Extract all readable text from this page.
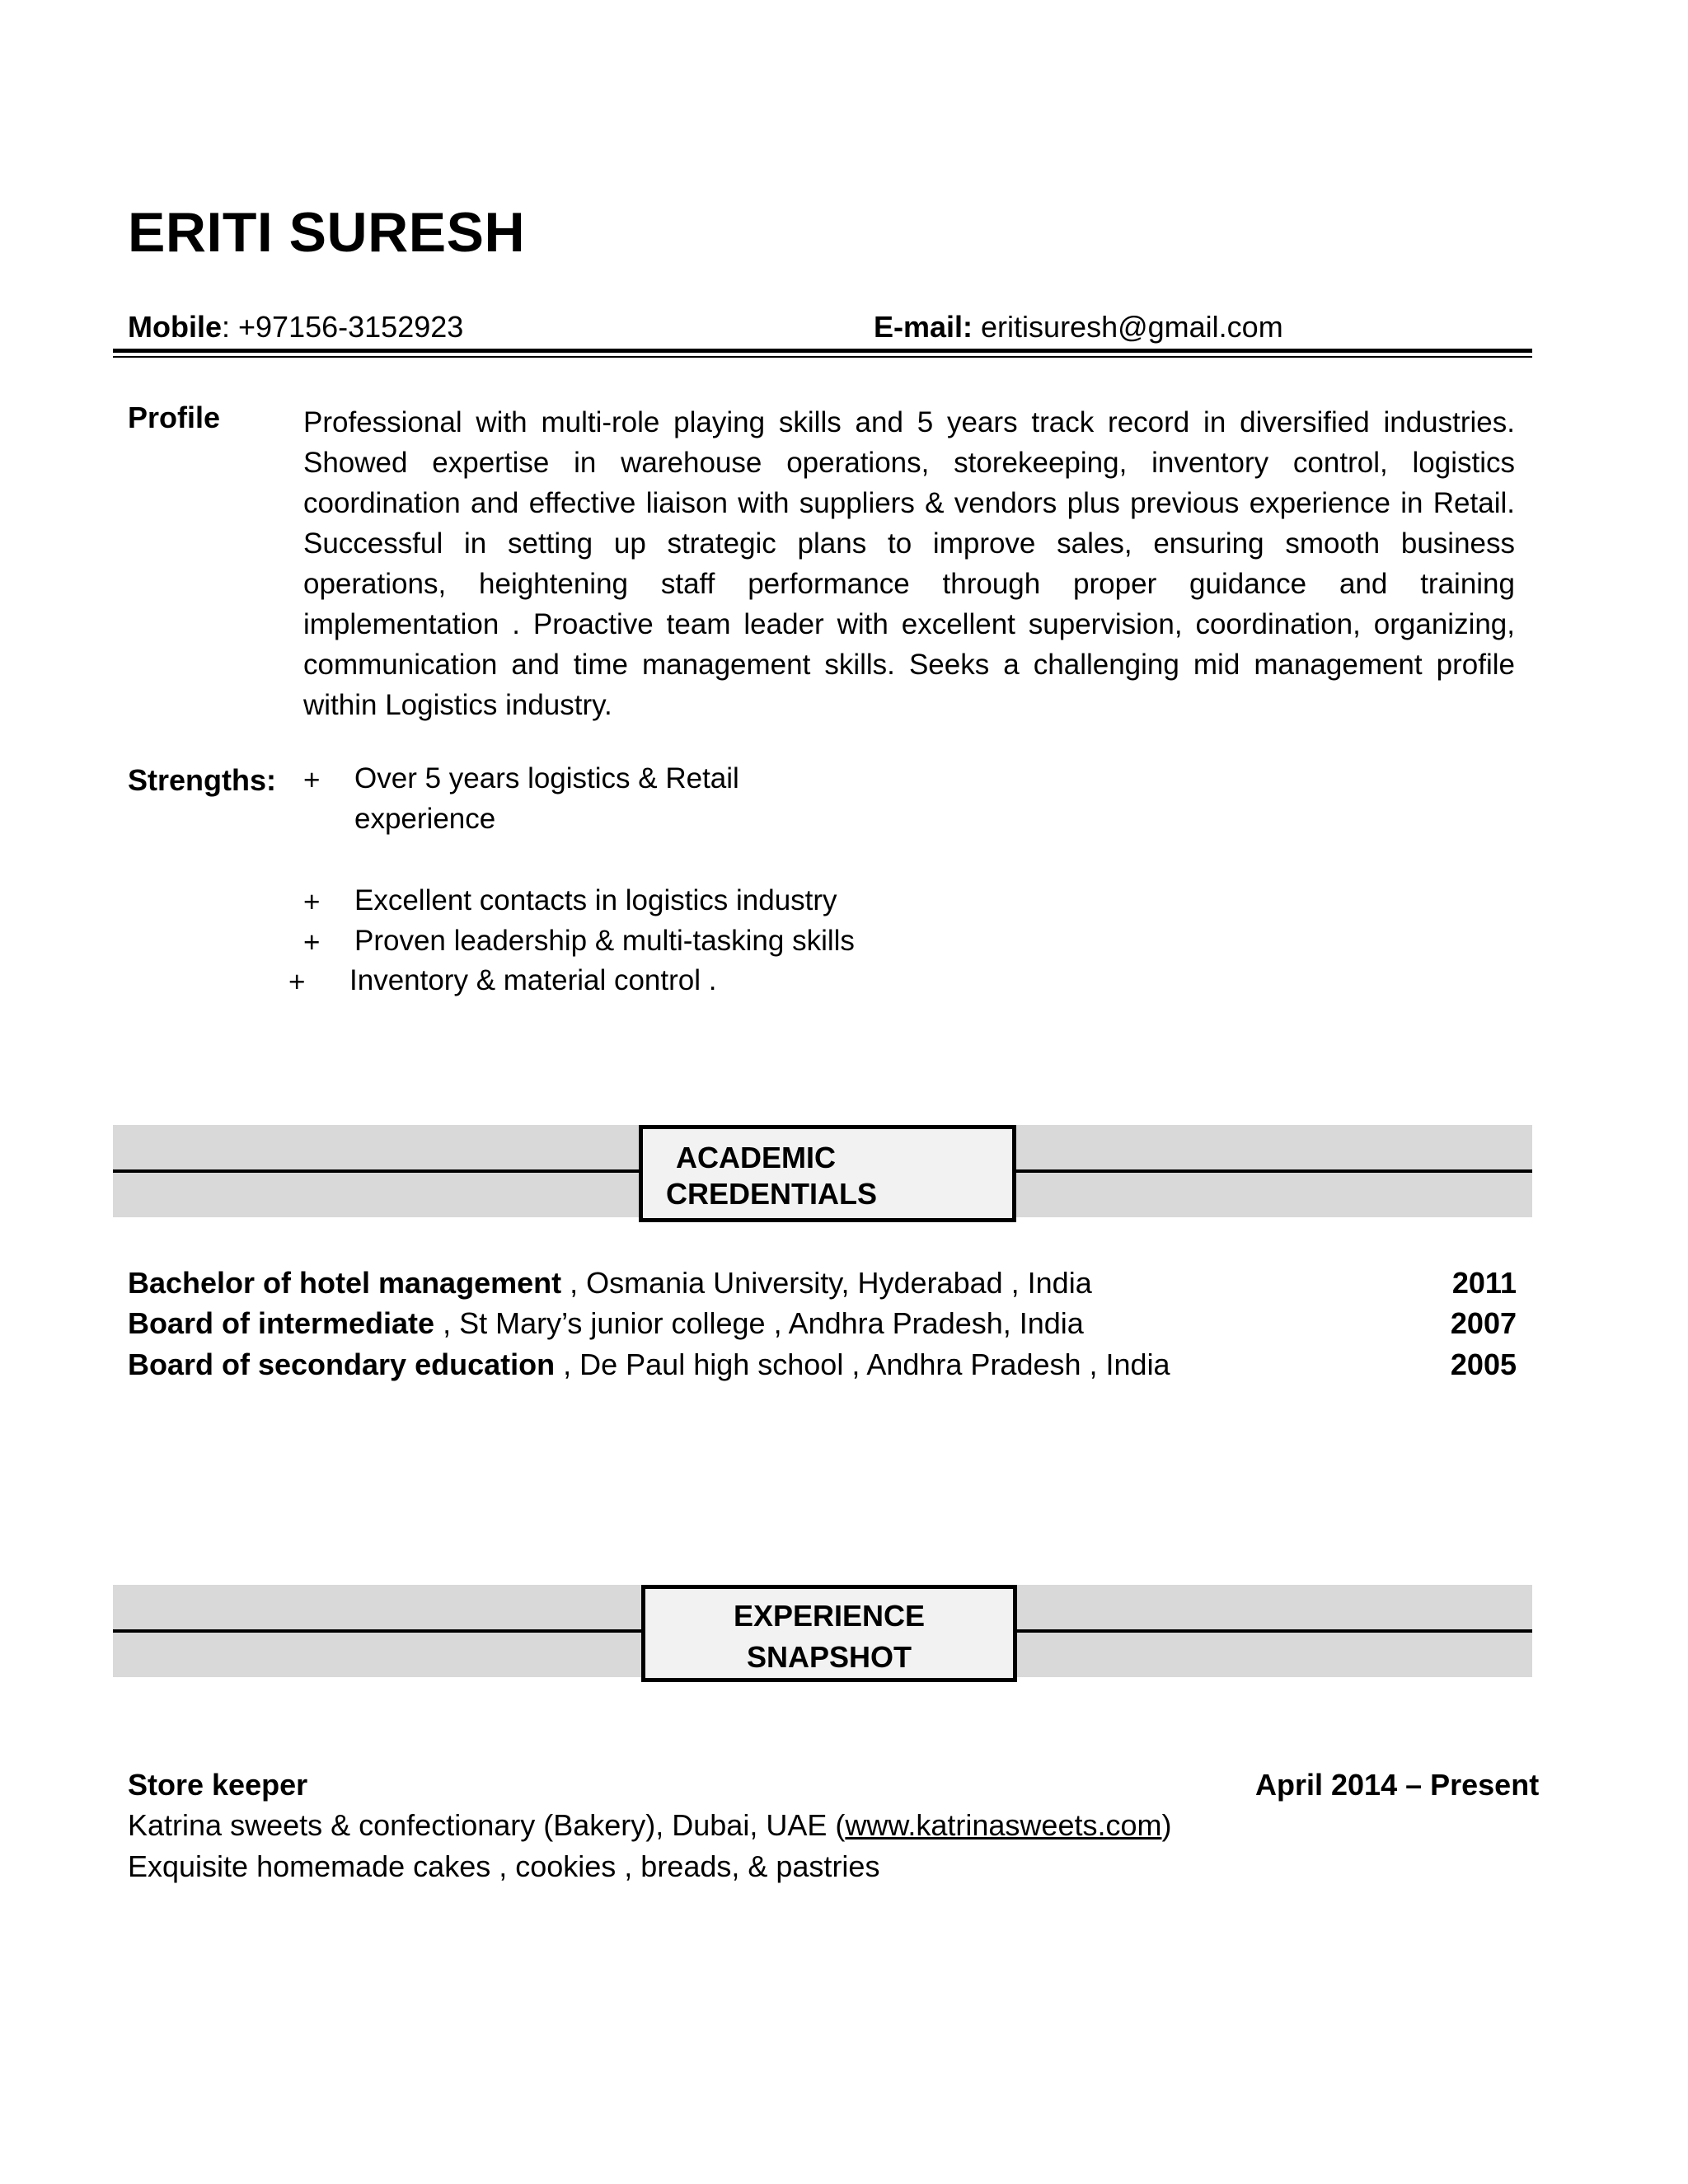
ERITI SURESH
Mobile: +97156-3152923	E-mail: eritisuresh@gmail.com
Profile	Professional with multi-role playing skills and 5 years track record in diversified industries. Showed expertise in warehouse operations, storekeeping, inventory control, logistics coordination and effective liaison with suppliers & vendors plus previous experience in Retail. Successful in setting up strategic plans to improve sales, ensuring smooth business operations, heightening staff performance through proper guidance and training implementation . Proactive team leader with excellent supervision, coordination, organizing, communication and time management skills. Seeks a challenging mid management profile within Logistics industry.
Strengths: + Over 5 years logistics & Retail
experience
+ Excellent contacts in logistics industry
+ Proven leadership & multi-tasking skills
+ Inventory & material control .
ACADEMIC
CREDENTIALS
Bachelor of hotel management , Osmania University, Hyderabad , India	2011
Board of intermediate , St Mary’s junior college , Andhra Pradesh, India	2007
Board of secondary education , De Paul high school , Andhra Pradesh , India	2005
EXPERIENCE
SNAPSHOT
Store keeper	April 2014 – Present
Katrina sweets & confectionary (Bakery), Dubai, UAE (www.katrinasweets.com)
Exquisite homemade cakes , cookies , breads, & pastries
